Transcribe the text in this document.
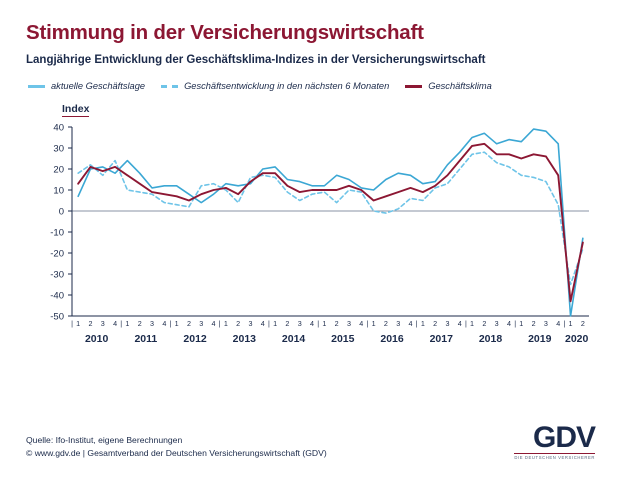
Stimmung in der Versicherungswirtschaft
Langjährige Entwicklung der Geschäftsklima-Indizes in der Versicherungswirtschaft
aktuelle Geschäftslage	Geschäftsentwicklung in den nächsten 6 Monaten	Geschäftsklima
Index
40
30
20
10
0
-10
-20
-30
-40
-50
1
| 2 3 4 1
| 2 3 4 1
| 2 3 4 1
| 2 3 4 1
| 2 3 4 1
| 2 3 4 1
| 2 3 4 1
| 2 3 4 1
| 2 3 4 1
| 2 3 4 1
| 2
2010 2011 2012 2013 2014 2015 2016 2017 2018 2019 2020
Quelle: Ifo-Institut, eigene Berechnungen
© www.gdv.de | Gesamtverband der Deutschen Versicherungswirtschaft (GDV)	GDV
DIE DEUTSCHEN VERSICHERER
